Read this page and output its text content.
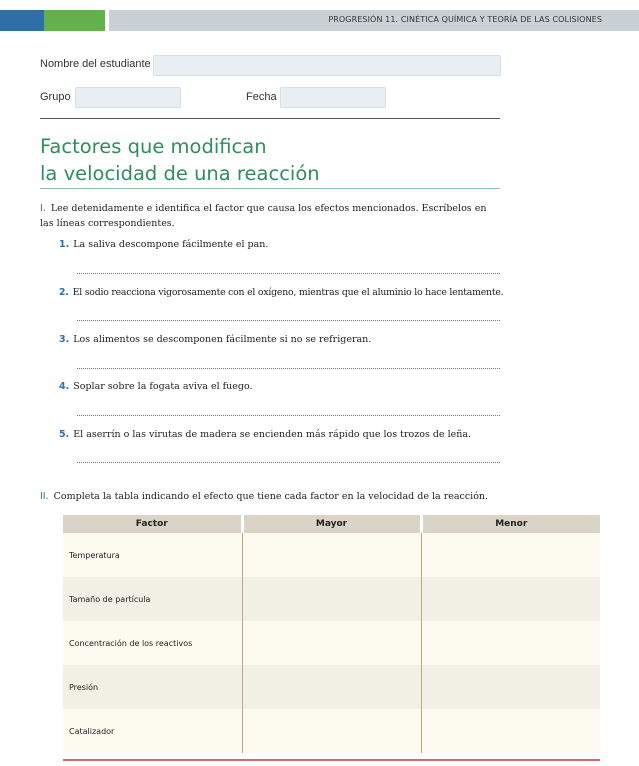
PROGRESIÓN 11. CINÉTICA QUÍMICA Y TEORÍA DE LAS COLISIONES
Nombre del estudiante
Grupo	Fecha
Factores que modifican
la velocidad de una reacción
I. Lee detenidamente e identifica el factor que causa los efectos mencionados. Escríbelos en las líneas correspondientes.
1. La saliva descompone fácilmente el pan.
2. El sodio reacciona vigorosamente con el oxígeno, mientras que el aluminio lo hace lentamente.
3. Los alimentos se descomponen fácilmente si no se refrigeran.
4. Soplar sobre la fogata aviva el fuego.
5. El aserrín o las virutas de madera se encienden más rápido que los trozos de leña.
II. Completa la tabla indicando el efecto que tiene cada factor en la velocidad de la reacción.
Factor	Mayor	Menor
Temperatura		
Tamaño de partícula		
Concentración de los reactivos		
Presión		
Catalizador		
